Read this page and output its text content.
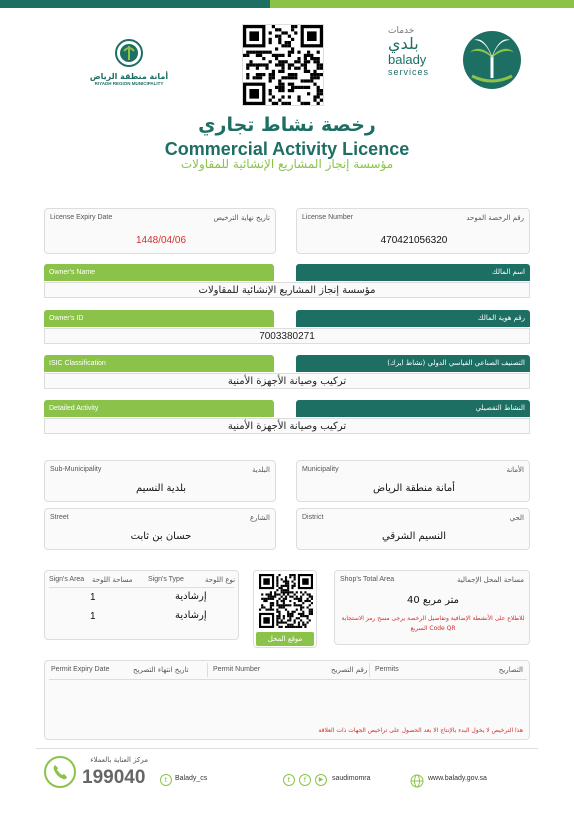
أمانة منطقة الرياض
RIYADH REGION MUNICIPALITY
خدمات
بلدي
balady
services
رخصة نشاط تجاري
Commercial Activity Licence
مؤسسة إنجاز المشاريع الإنشائية للمقاولات
License Expiry Date	تاريخ نهاية الترخيص
1448/04/06
License Number	رقم الرخصة الموحد
470421056320
Owner's Name	اسم المالك
مؤسسة إنجاز المشاريع الإنشائية للمقاولات
Owner's ID	رقم هوية المالك
7003380271
ISIC Classification	التصنيف الصناعي القياسي الدولي (نشاط ايزك)
تركيب وصيانة الأجهزة الأمنية
Detailed Activity	النشاط التفصيلي
تركيب وصيانة الأجهزة الأمنية
Sub-Municipality	البلدية
بلدية النسيم
Municipality	الأمانة
أمانة منطقة الرياض
Street	الشارع
حسان بن ثابت
District	الحي
النسيم الشرقي
Sign's Area مساحة اللوحة Sign's Type	نوع اللوحة
1	إرشادية
1	إرشادية
موقع المحل
Shop's Total Area	مساحة المحل الإجمالية
40 متر مربع
للاطلاع على الأنشطة الإضافية وتفاصيل الرخصة يرجى مسح رمز الاستجابة السريع Code QR
Permit Expiry Date	تاريخ انتهاء التصريح	Permit Number	رقم التصريح Permits	التصاريح
هذا الترخيص لا يخول البدء بالإنتاج الا بعد الحصول على تراخيص الجهات ذات العلاقة
مركز العناية بالعملاء
199040	t	Balady_cs	t	f	▶	saudimomra	www.balady.gov.sa
